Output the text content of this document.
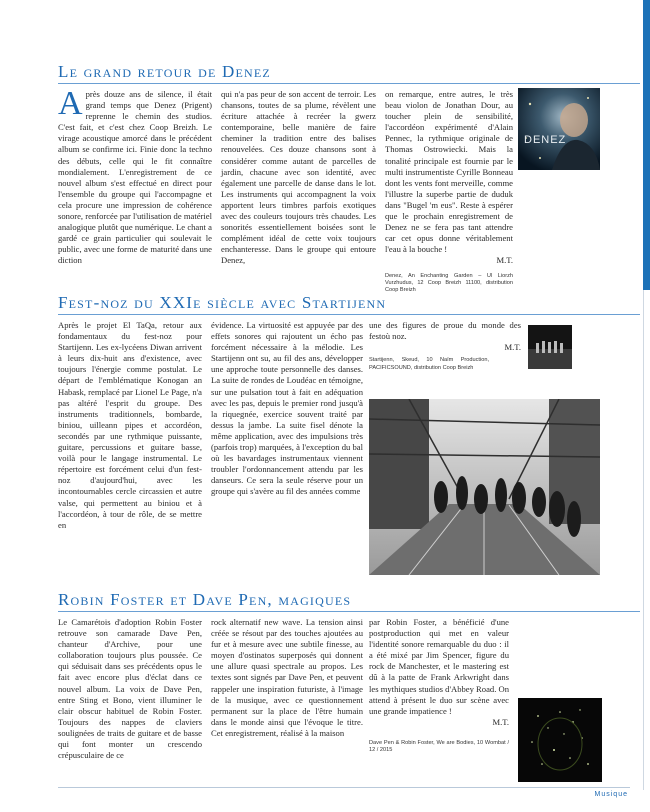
Le grand retour de Denez
A près douze ans de silence, il était grand temps que Denez (Prigent) reprenne le chemin des studios. C'est fait, et c'est chez Coop Breizh. Le virage acoustique amorcé dans le précédent album se confirme ici. Finie donc la techno des débuts, celle qui le fit connaître mondialement. L'enregistrement de ce nouvel album s'est effectué en direct pour l'ensemble du groupe qui l'accompagne et cela procure une impression de cohérence sonore, renforcée par l'utilisation de matériel analogique plutôt que numérique. Le chant a gardé ce grain particulier qui soulevait le public, avec une forme de maturité dans une diction

qui n'a pas peur de son accent de terroir. Les chansons, toutes de sa plume, révèlent une écriture attachée à recréer la gwerz contemporaine, belle manière de faire cheminer la tradition entre des balises renouvelées. Ces douze chansons sont à considérer comme autant de parcelles de jardin, chacune avec son identité, avec également une parcelle de danse dans le lot. Les instruments qui accompagnent la voix apportent leurs timbres parfois exotiques avec des couleurs toujours très chaudes. Les sonorités essentiellement boisées sont le complément idéal de cette voix toujours enchanteresse. Dans le groupe qui entoure Denez,

on remarque, entre autres, le très beau violon de Jonathan Dour, au toucher plein de sensibilité, l'accordéon expérimenté d'Alain Pennec, la rythmique originale de Thomas Ostrowiecki. Mais la tonalité principale est fournie par le multi instrumentiste Cyrille Bonneau dont les vents font merveille, comme l'illustre la superbe partie de duduk dans "Bugel 'm eus". Reste à espérer que le prochain enregistrement de Denez ne se fera pas tant attendre car cet opus donne véritablement l'eau à la bouche !

M.T.

Denez, An Enchanting Garden – Ul Liorzh Vurzhudus, 12 Coop Breizh 11100, distribution Coop Breizh

DENEZ
Fest-noz du XXIe siècle avec Startijenn

Après le projet El TaQa, retour aux fondamentaux du fest-noz pour Startijenn. Les ex-lycéens Diwan arrivent à leurs dix-huit ans d'existence, avec toujours l'énergie comme postulat. Le départ de l'emblématique Konogan an Habask, remplacé par Lionel Le Page, n'a pas altéré l'esprit du groupe. Des instruments traditionnels, bombarde, biniou, uilleann pipes et accordéon, secondés par une rythmique puissante, guitare, percussions et guitare basse, voilà pour le langage instrumental. Le répertoire est forcément celui d'un fest-noz d'aujourd'hui, avec les incontournables cercle circassien et autre valse, qui permettent au biniou et à l'accordéon, à tour de rôle, de se mettre en

évidence. La virtuosité est appuyée par des effets sonores qui rajoutent un écho pas forcément nécessaire à la mélodie. Les Startijenn ont su, au fil des ans, développer une approche toute personnelle des danses. La suite de rondes de Loudéac en témoigne, sur une pulsation tout à fait en adéquation avec les pas, depuis le premier rond jusqu'à la riquegnée, exercice souvent traité par dessus la jambe. La suite fisel dénote la même application, avec des impulsions très (parfois trop) marquées, à l'exception du bal où les bavardages instrumentaux viennent troubler l'ordonnancement attendu par les danseurs. Ce sera la seule réserve pour un groupe qui s'avère au fil des années comme

une des figures de proue du monde des festoù noz.

M.T.

Startijenn, Skeud, 10 Naïm Production, PACIFICSOUND, distribution Coop Breizh

Robin Foster et Dave Pen, magiques

Le Camarétois d'adoption Robin Foster retrouve son camarade Dave Pen, chanteur d'Archive, pour une collaboration toujours plus poussée. Ce qui séduisait dans ses précédents opus le fait avec encore plus d'éclat dans ce nouvel album. La voix de Dave Pen, entre Sting et Bono, vient illuminer le clair obscur habituel de Robin Foster. Toujours des nappes de claviers soulignées de traits de guitare et de basse qui font monter un crescendo crépusculaire de ce

rock alternatif new wave. La tension ainsi créée se résout par des touches ajoutées au fur et à mesure avec une subtile finesse, au moyen d'ostinatos superposés qui donnent une allure quasi spectrale au propos. Les textes sont signés par Dave Pen, et peuvent rappeler une inspiration futuriste, à l'image de la musique, avec ce questionnement permanent sur la place de l'être humain dans le monde ainsi que l'évoque le titre. Cet enregistrement, réalisé à la maison

par Robin Foster, a bénéficié d'une postproduction qui met en valeur l'identité sonore remarquable du duo : il a été mixé par Jim Spencer, figure du rock de Manchester, et le mastering est dû à la patte de Frank Arkwright dans les mythiques studios d'Abbey Road. On attend à présent le duo sur scène avec une grande impatience !

M.T.

Dave Pen & Robin Foster, We are Bodies, 10 Wombat / 12 / 2015

Musique
